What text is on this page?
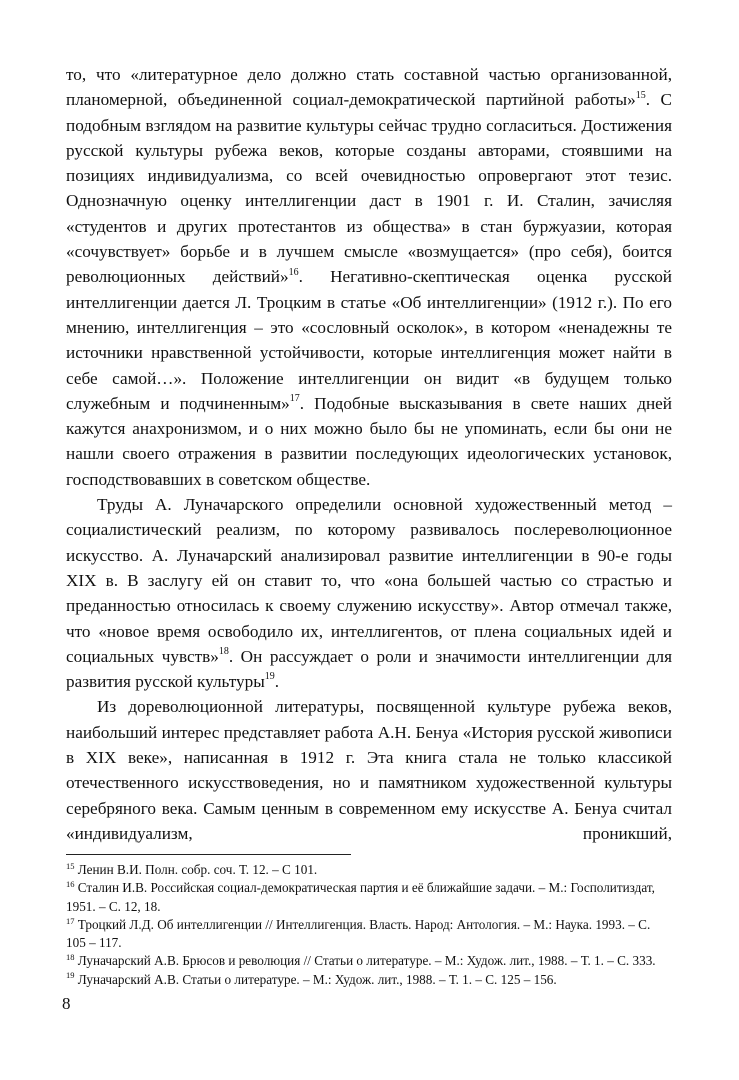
то, что «литературное дело должно стать составной частью организованной, планомерной, объединенной социал-демократической партийной работы»$^{15}$. С подобным взглядом на развитие культуры сейчас трудно согласиться. Достижения русской культуры рубежа веков, которые созданы авторами, стоявшими на позициях индивидуализма, со всей очевидностью опровергают этот тезис. Однозначную оценку интеллигенции даст в 1901 г. И. Сталин, зачисляя «студентов и других протестантов из общества» в стан буржуазии, которая «сочувствует» борьбе и в лучшем смысле «возмущается» (про себя), боится революционных действий»$^{16}$. Негативно-скептическая оценка русской интеллигенции дается Л. Троцким в статье «Об интеллигенции» (1912 г.). По его мнению, интеллигенция – это «сословный осколок», в котором «ненадежны те источники нравственной устойчивости, которые интеллигенция может найти в себе самой…». Положение интеллигенции он видит «в будущем только служебным и подчиненным»$^{17}$. Подобные высказывания в свете наших дней кажутся анахронизмом, и о них можно было бы не упоминать, если бы они не нашли своего отражения в развитии последующих идеологических установок, господствовавших в советском обществе.

Труды А. Луначарского определили основной художественный метод – социалистический реализм, по которому развивалось послереволюционное искусство. А. Луначарский анализировал развитие интеллигенции в 90-е годы XIX в. В заслугу ей он ставит то, что «она большей частью со страстью и преданностью относилась к своему служению искусству». Автор отмечал также, что «новое время освободило их, интеллигентов, от плена социальных идей и социальных чувств»$^{18}$. Он рассуждает о роли и значимости интеллигенции для развития русской культуры$^{19}$.

Из дореволюционной литературы, посвященной культуре рубежа веков, наибольший интерес представляет работа А.Н. Бенуа «История русской живописи в XIX веке», написанная в 1912 г. Эта книга стала не только классикой отечественного искусствоведения, но и памятником художественной культуры серебряного века. Самым ценным в современном ему искусстве А. Бенуа считал «индивидуализм, проникший,

$^{15}$ Ленин В.И. Полн. собр. соч. Т. 12. – С 101.

$^{16}$ Сталин И.В. Российская социал-демократическая партия и её ближайшие задачи. – М.: Госполитиздат, 1951. – С. 12, 18.

$^{17}$ Троцкий Л.Д. Об интеллигенции // Интеллигенция. Власть. Народ: Антология. – М.: Наука. 1993. – С. 105 – 117.

$^{18}$ Луначарский А.В. Брюсов и революция // Статьи о литературе. – М.: Худож. лит., 1988. – Т. 1. – С. 333.

$^{19}$ Луначарский А.В. Статьи о литературе. – М.: Худож. лит., 1988. – Т. 1. – С. 125 – 156.

8
